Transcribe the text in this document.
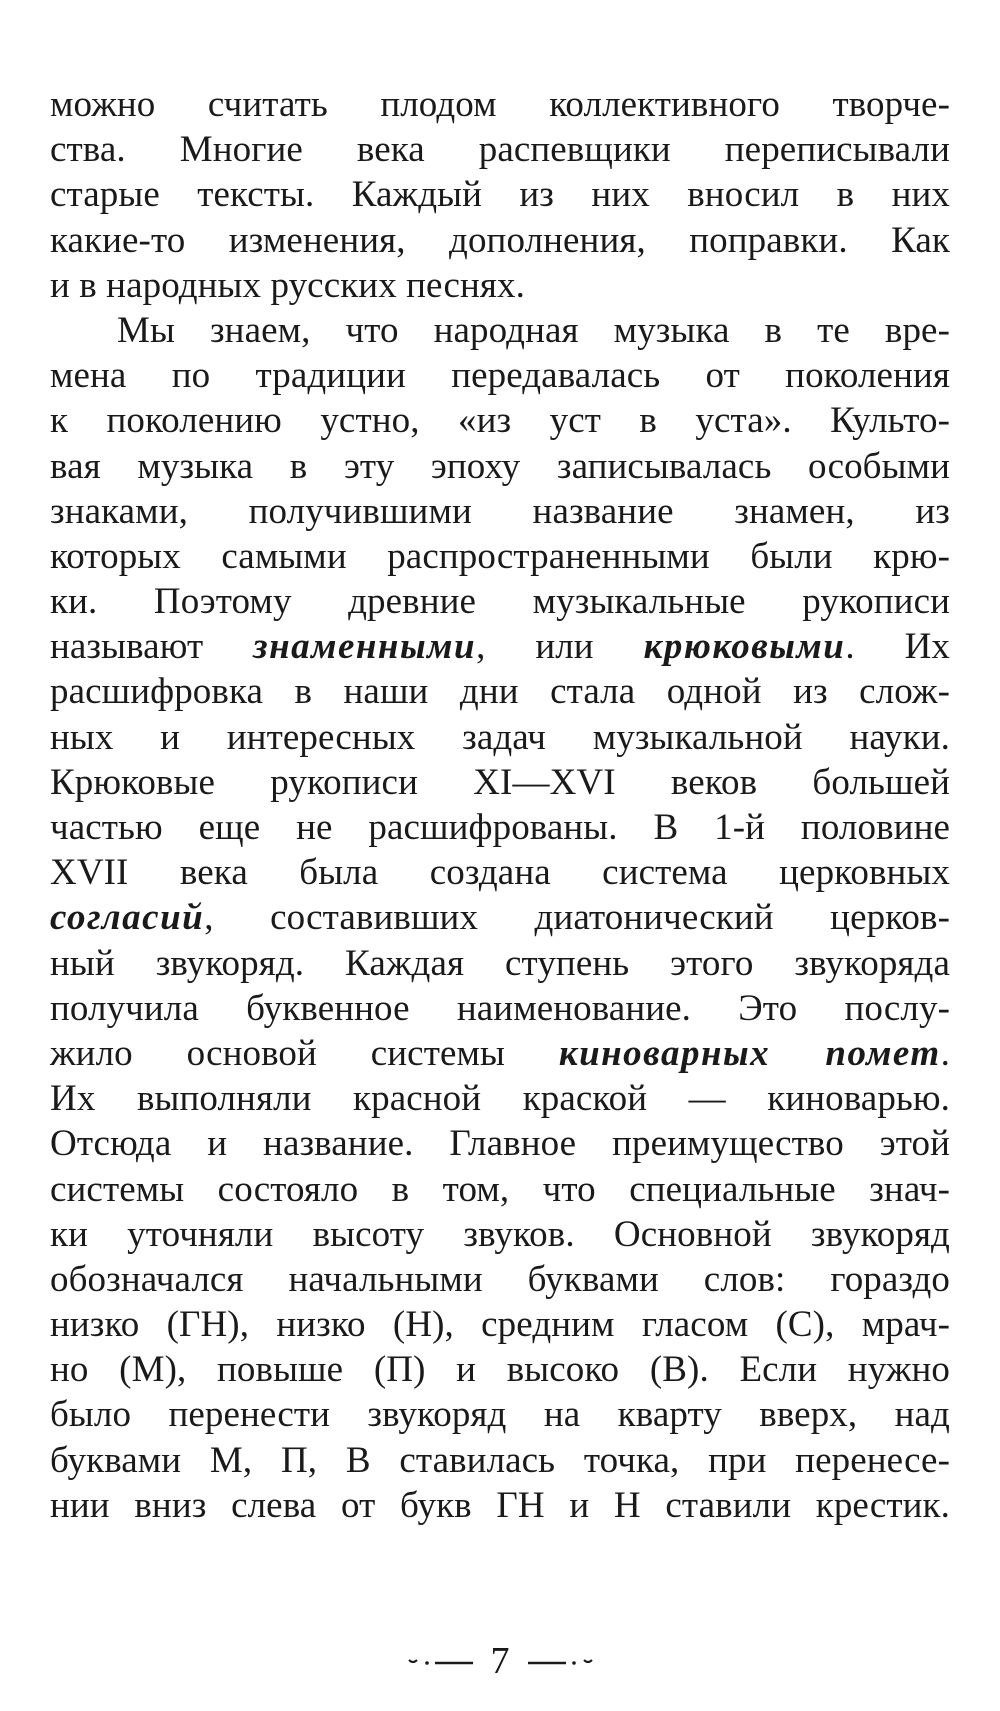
можно считать плодом коллективного творче-
ства. Многие века распевщики переписывали
старые тексты. Каждый из них вносил в них
какие-то изменения, дополнения, поправки. Как
и в народных русских песнях.
Мы знаем, что народная музыка в те вре-
мена по традиции передавалась от поколения
к поколению устно, «из уст в уста». Культо-
вая музыка в эту эпоху записывалась особыми
знаками, получившими название знамен, из
которых самыми распространенными были крю-
ки. Поэтому древние музыкальные рукописи
называют знаменными, или крюковыми. Их
расшифровка в наши дни стала одной из слож-
ных и интересных задач музыкальной науки.
Крюковые рукописи XI—XVI веков большей
частью еще не расшифрованы. В 1-й половине
XVII века была создана система церковных
согласий, составивших диатонический церков-
ный звукоряд. Каждая ступень этого звукоряда
получила буквенное наименование. Это послу-
жило основой системы киноварных помет.
Их выполняли красной краской — киноварью.
Отсюда и название. Главное преимущество этой
системы состояло в том, что специальные знач-
ки уточняли высоту звуков. Основной звукоряд
обозначался начальными буквами слов: гораздо
низко (ГН), низко (Н), средним гласом (С), мрач-
но (М), повыше (П) и высоко (В). Если нужно
было перенести звукоряд на кварту вверх, над
буквами М, П, В ставилась точка, при перенесе-
нии вниз слева от букв ГН и Н ставили крестик.
7
